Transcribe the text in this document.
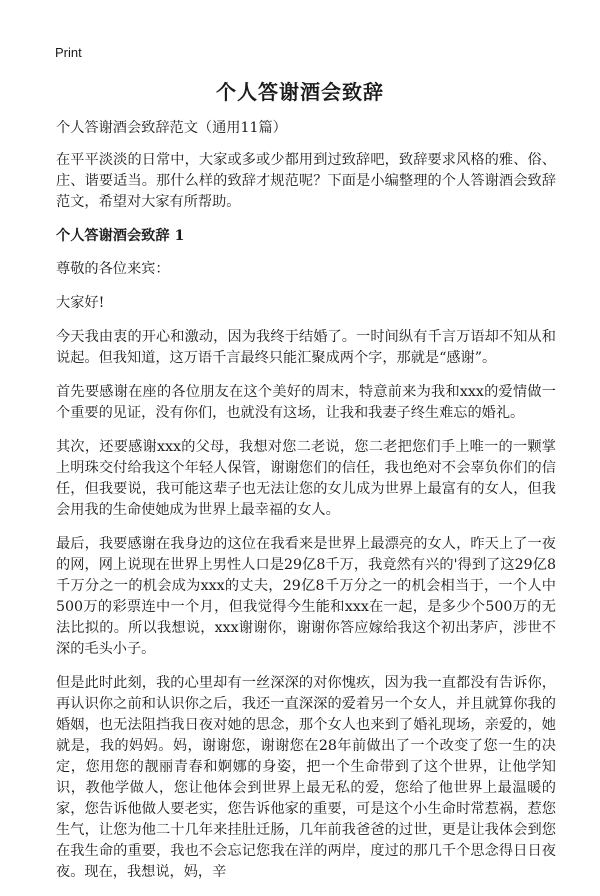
Print
个人答谢酒会致辞

个人答谢酒会致辞范文（通用11篇）

在平平淡淡的日常中，大家或多或少都用到过致辞吧，致辞要求风格的雅、俗、庄、谐要适当。那什么样的致辞才规范呢？下面是小编整理的个人答谢酒会致辞范文，希望对大家有所帮助。

个人答谢酒会致辞 1

尊敬的各位来宾：

大家好!

今天我由衷的开心和激动，因为我终于结婚了。一时间纵有千言万语却不知从和说起。但我知道，这万语千言最终只能汇聚成两个字，那就是“感谢”。

首先要感谢在座的各位朋友在这个美好的周末，特意前来为我和xxx的爱情做一个重要的见证，没有你们，也就没有这场，让我和我妻子终生难忘的婚礼。

其次，还要感谢xxx的父母，我想对您二老说，您二老把您们手上唯一的一颗掌上明珠交付给我这个年轻人保管，谢谢您们的信任，我也绝对不会辜负你们的信任，但我要说，我可能这辈子也无法让您的女儿成为世界上最富有的女人，但我会用我的生命使她成为世界上最幸福的女人。

最后，我要感谢在我身边的这位在我看来是世界上最漂亮的女人，昨天上了一夜的网，网上说现在世界上男性人口是29亿8千万，我竟然有兴的'得到了这29亿8千万分之一的机会成为xxx的丈夫，29亿8千万分之一的机会相当于，一个人中500万的彩票连中一个月，但我觉得今生能和xxx在一起，是多少个500万的无法比拟的。所以我想说，xxx谢谢你，谢谢你答应嫁给我这个初出茅庐，涉世不深的毛头小子。

但是此时此刻，我的心里却有一丝深深的对你愧疚，因为我一直都没有告诉你，再认识你之前和认识你之后，我还一直深深的爱着另一个女人，并且就算你我的婚姻，也无法阻挡我日夜对她的思念，那个女人也来到了婚礼现场，亲爱的，她就是，我的妈妈。妈，谢谢您，谢谢您在28年前做出了一个改变了您一生的决定，您用您的靓丽青春和婀娜的身姿，把一个生命带到了这个世界，让他学知识，教他学做人，您让他体会到世界上最无私的爱，您给了他世界上最温暖的家，您告诉他做人要老实，您告诉他家的重要，可是这个小生命时常惹祸，惹您生气，让您为他二十几年来挂肚迁肠，几年前我爸爸的过世，更是让我体会到您在我生命的重要，我也不会忘记您我在洋的两岸，度过的那几千个思念得日日夜夜。现在，我想说，妈，辛
